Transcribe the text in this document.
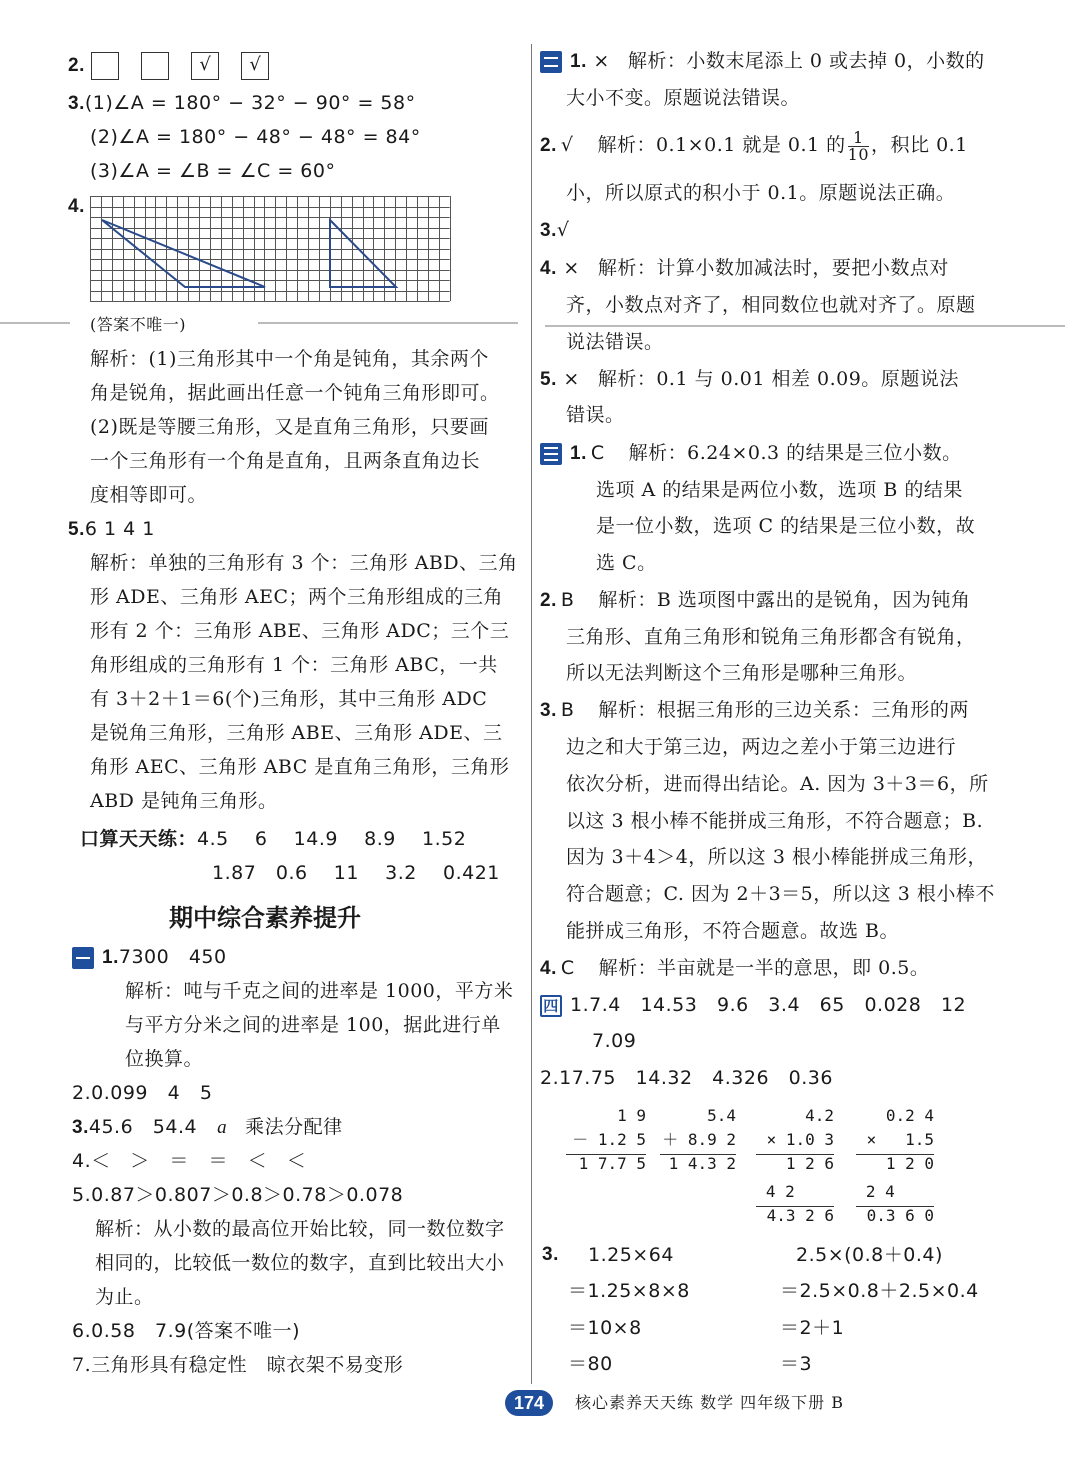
2.	√ √
3.(1)∠A = 180° − 32° − 90° = 58°
(2)∠A = 180° − 48° − 48° = 84°
(3)∠A = ∠B = ∠C = 60°
4.
(答案不唯一)
解析：(1)三角形其中一个角是钝角，其余两个
角是锐角，据此画出任意一个钝角三角形即可。
(2)既是等腰三角形，又是直角三角形，只要画
一个三角形有一个角是直角，且两条直角边长
度相等即可。
5.6 1 4 1
解析：单独的三角形有 3 个：三角形 ABD、三角
形 ADE、三角形 AEC；两个三角形组成的三角
形有 2 个：三角形 ABE、三角形 ADC；三个三
角形组成的三角形有 1 个：三角形 ABC，一共
有 3＋2＋1＝6(个)三角形，其中三角形 ADC
是锐角三角形，三角形 ABE、三角形 ADE、三
角形 AEC、三角形 ABC 是直角三角形，三角形
ABD 是钝角三角形。
口算天天练：4.5    6    14.9    8.9    1.52
1.87   0.6    11    3.2    0.421
期中综合素养提升
1.7300   450
解析：吨与千克之间的进率是 1000，平方米
与平方分米之间的进率是 100，据此进行单
位换算。
2.0.099   4   5
3.45.6   54.4 a 乘法分配律
4.＜   ＞   ＝   ＝   ＜   ＜
5.0.87＞0.807＞0.8＞0.78＞0.078
解析：从小数的最高位开始比较，同一数位数字
相同的，比较低一数位的数字，直到比较出大小
为止。
6.0.58   7.9(答案不唯一)
7.三角形具有稳定性   晾衣架不易变形
1. × 解析：小数末尾添上 0 或去掉 0，小数的
大小不变。原题说法错误。
2. √ 解析：0.1×0.1 就是 0.1 的 $\frac{1}{10}$ ，积比 0.1
小，所以原式的积小于 0.1。原题说法正确。
3.√
4. × 解析：计算小数加减法时，要把小数点对
齐，小数点对齐了，相同数位也就对齐了。原题
说法错误。
5. × 解析：0.1 与 0.01 相差 0.09。原题说法
错误。
1. C 解析：6.24×0.3 的结果是三位小数。
选项 A 的结果是两位小数，选项 B 的结果
是一位小数，选项 C 的结果是三位小数，故
选 C。
2. B 解析：B 选项图中露出的是锐角，因为钝角
三角形、直角三角形和锐角三角形都含有锐角，
所以无法判断这个三角形是哪种三角形。
3. B 解析：根据三角形的三边关系：三角形的两
边之和大于第三边，两边之差小于第三边进行
依次分析，进而得出结论。A. 因为 3＋3＝6，所
以这 3 根小棒不能拼成三角形，不符合题意；B.
因为 3＋4＞4，所以这 3 根小棒能拼成三角形，
符合题意；C. 因为 2＋3＝5，所以这 3 根小棒不
能拼成三角形，不符合题意。故选 B。
4. C 解析：半亩就是一半的意思，即 0.5。
四 1.7.4   14.53   9.6   3.4   65   0.028   12
7.09
2.17.75   14.32   4.326   0.36
1 9
－ 1.2 5
1 7.7 5
5.4
＋ 8.9 2
1 4.3 2
4.2
× 1.0 3
1 2 6
4 2
4.3 2 6
0.2 4
×   1.5
1 2 0
2 4
0.3 6 0
3. 1.25×64
＝1.25×8×8
＝10×8
＝80
2.5×(0.8＋0.4)
＝2.5×0.8＋2.5×0.4
＝2＋1
＝3
174	核心素养天天练 数学 四年级下册 B
